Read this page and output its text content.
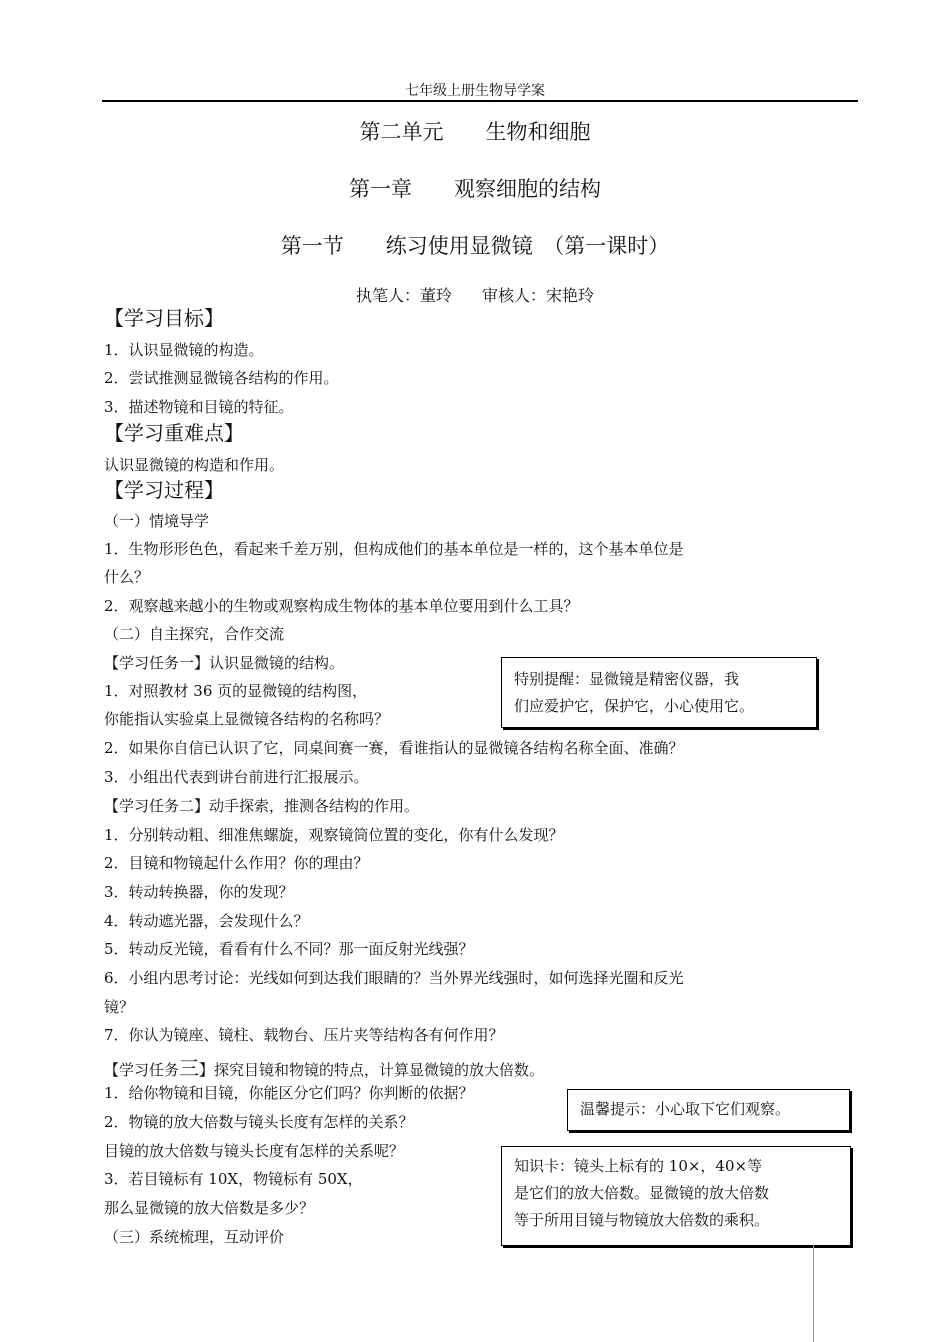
七年级上册生物导学案
第二单元　　生物和细胞
第一章　　观察细胞的结构
第一节　　练习使用显微镜　（第一课时）
执笔人：董玲 审核人：宋艳玲
【学习目标】
1．认识显微镜的构造。
2．尝试推测显微镜各结构的作用。
3．描述物镜和目镜的特征。
【学习重难点】
认识显微镜的构造和作用。
【学习过程】
（一）情境导学
1．生物形形色色，看起来千差万别，但构成他们的基本单位是一样的，这个基本单位是
什么？
2．观察越来越小的生物或观察构成生物体的基本单位要用到什么工具？
（二）自主探究，合作交流
【学习任务一】认识显微镜的结构。
1．对照教材 36 页的显微镜的结构图，
你能指认实验桌上显微镜各结构的名称吗？
2．如果你自信已认识了它，同桌间赛一赛，看谁指认的显微镜各结构名称全面、准确？
3．小组出代表到讲台前进行汇报展示。
【学习任务二】动手探索，推测各结构的作用。
1．分别转动粗、细准焦螺旋，观察镜筒位置的变化，你有什么发现？
2．目镜和物镜起什么作用？你的理由？
3．转动转换器，你的发现？
4．转动遮光器，会发现什么？
5．转动反光镜，看看有什么不同？那一面反射光线强？
6．小组内思考讨论：光线如何到达我们眼睛的？当外界光线强时，如何选择光圈和反光
镜？
7．你认为镜座、镜柱、载物台、压片夹等结构各有何作用？
【学习任务三】探究目镜和物镜的特点，计算显微镜的放大倍数。
1．给你物镜和目镜，你能区分它们吗？你判断的依据？
2．物镜的放大倍数与镜头长度有怎样的关系？
目镜的放大倍数与镜头长度有怎样的关系呢？
3．若目镜标有 10X，物镜标有 50X，
那么显微镜的放大倍数是多少？
（三）系统梳理，互动评价
特别提醒：显微镜是精密仪器，我
们应爱护它，保护它，小心使用它。
温馨提示：小心取下它们观察。
知识卡：镜头上标有的 10×，40×等
是它们的放大倍数。显微镜的放大倍数
等于所用目镜与物镜放大倍数的乘积。
